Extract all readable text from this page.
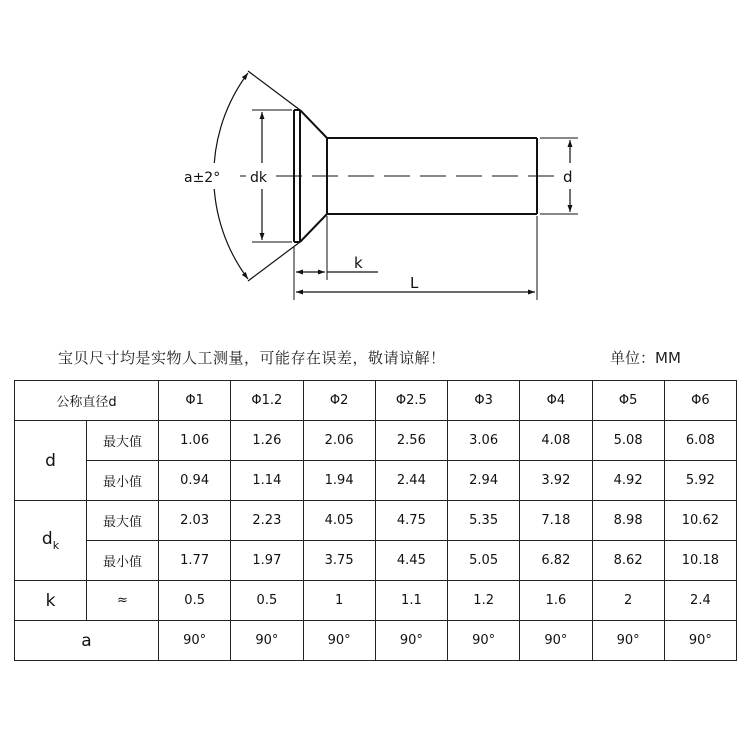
a±2° dk	d
k
L
宝贝尺寸均是实物人工测量，可能存在误差，敬请谅解！	单位：MM
公称直径d		Φ1	Φ1.2	Φ2	Φ2.5	Φ3	Φ4	Φ5	Φ6
d	最大值	1.06	1.26	2.06	2.56	3.06	4.08	5.08	6.08
	最小值	0.94	1.14	1.94	2.44	2.94	3.92	4.92	5.92
$d_k$	最大值	2.03	2.23	4.05	4.75	5.35	7.18	8.98	10.62
	最小值	1.77	1.97	3.75	4.45	5.05	6.82	8.62	10.18
k	≈	0.5	0.5	1	1.1	1.2	1.6	2	2.4
a		90°	90°	90°	90°	90°	90°	90°	90°
